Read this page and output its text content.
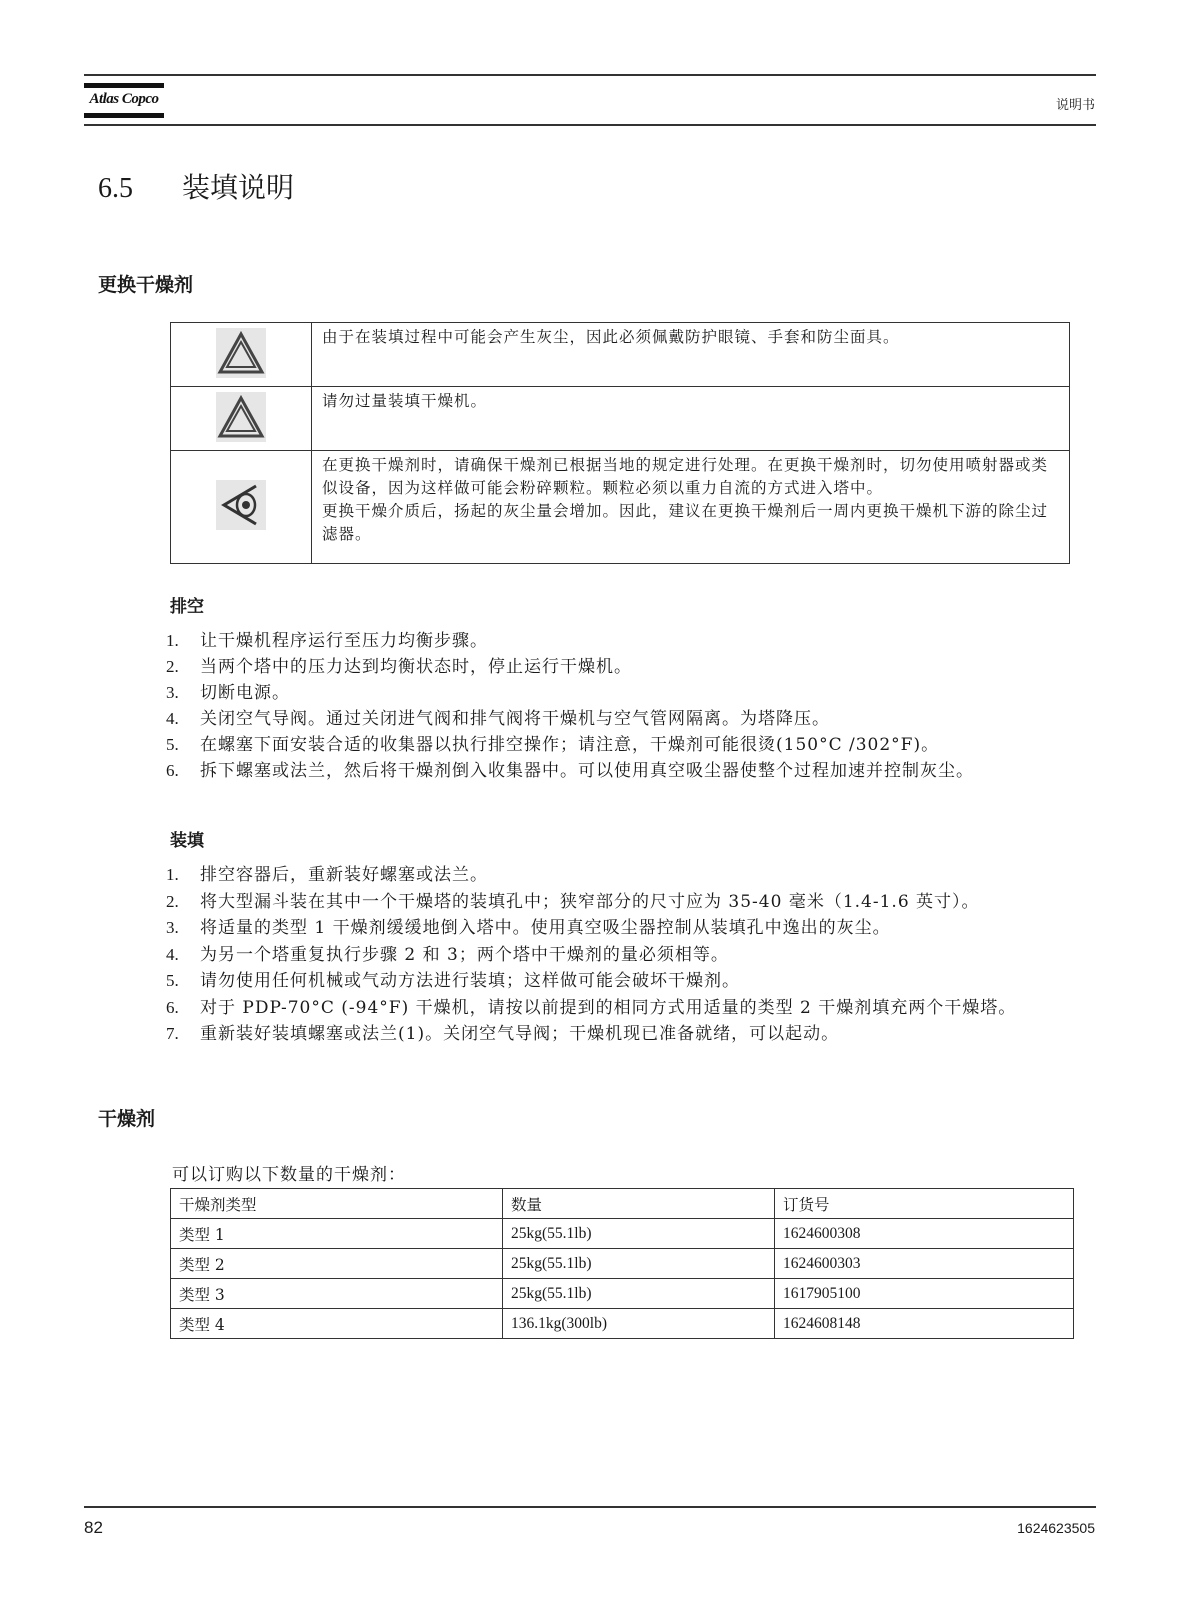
Atlas Copco	说明书
6.5 装填说明
更换干燥剂
	由于在装填过程中可能会产生灰尘，因此必须佩戴防护眼镜、手套和防尘面具。
	请勿过量装填干燥机。

在更换干燥剂时，请确保干燥剂已根据当地的规定进行处理。在更换干燥剂时，切勿使用喷射器或类似设备，因为这样做可能会粉碎颗粒。颗粒必须以重力自流的方式进入塔中。
更换干燥介质后，扬起的灰尘量会增加。因此，建议在更换干燥剂后一周内更换干燥机下游的除尘过滤器。
排空
1. 让干燥机程序运行至压力均衡步骤。
2. 当两个塔中的压力达到均衡状态时，停止运行干燥机。
3. 切断电源。
4. 关闭空气导阀。通过关闭进气阀和排气阀将干燥机与空气管网隔离。为塔降压。
5. 在螺塞下面安装合适的收集器以执行排空操作；请注意，干燥剂可能很烫(150°C /302°F)。
6. 拆下螺塞或法兰，然后将干燥剂倒入收集器中。可以使用真空吸尘器使整个过程加速并控制灰尘。
装填
1. 排空容器后，重新装好螺塞或法兰。
2. 将大型漏斗装在其中一个干燥塔的装填孔中；狭窄部分的尺寸应为 35-40 毫米（1.4-1.6 英寸）。
3. 将适量的类型 1 干燥剂缓缓地倒入塔中。使用真空吸尘器控制从装填孔中逸出的灰尘。
4. 为另一个塔重复执行步骤 2 和 3；两个塔中干燥剂的量必须相等。
5. 请勿使用任何机械或气动方法进行装填；这样做可能会破坏干燥剂。
6. 对于 PDP-70°C (-94°F) 干燥机，请按以前提到的相同方式用适量的类型 2 干燥剂填充两个干燥塔。
7. 重新装好装填螺塞或法兰(1)。关闭空气导阀；干燥机现已准备就绪，可以起动。
干燥剂
可以订购以下数量的干燥剂：
干燥剂类型	数量	订货号
类型 1	25kg(55.1lb)	1624600308
类型 2	25kg(55.1lb)	1624600303
类型 3	25kg(55.1lb)	1617905100
类型 4	136.1kg(300lb)	1624608148
82	1624623505
